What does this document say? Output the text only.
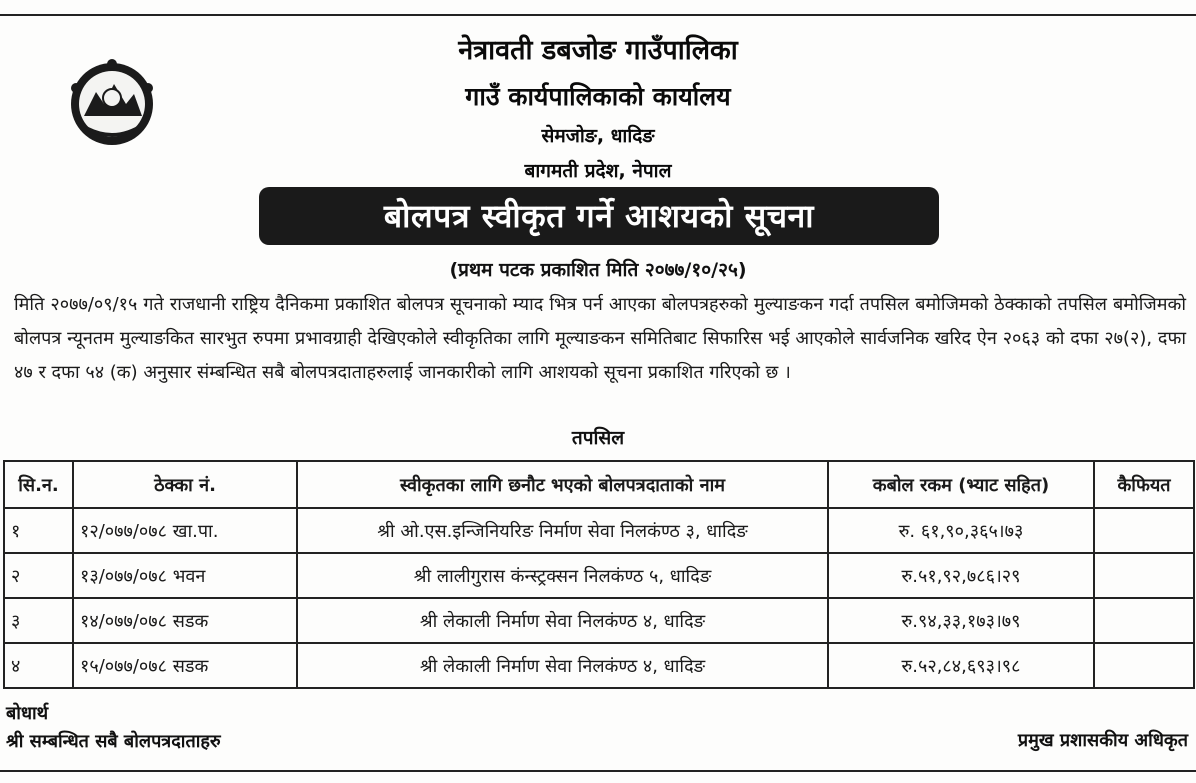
नेत्रावती डबजोङ गाउँपालिका
गाउँ कार्यपालिकाको कार्यालय
सेमजोङ, धादिङ
बागमती प्रदेश, नेपाल
बोलपत्र स्वीकृत गर्ने आशयको सूचना
(प्रथम पटक प्रकाशित मिति २०७७/१०/२५)
मिति २०७७/०९/१५ गते राजधानी राष्ट्रिय दैनिकमा प्रकाशित बोलपत्र सूचनाको म्याद भित्र पर्न आएका बोलपत्रहरुको मुल्याङकन गर्दा तपसिल बमोजिमको ठेक्काको तपसिल बमोजिमको बोलपत्र न्यूनतम मुल्याङकित सारभुत रुपमा प्रभावग्राही देखिएकोले स्वीकृतिका लागि मूल्याङकन समितिबाट सिफारिस भई आएकोले सार्वजनिक खरिद ऐन २०६३ को दफा २७(२), दफा ४७ र दफा ५४ (क) अनुसार संम्बन्धित सबै बोलपत्रदाताहरुलाई जानकारीको लागि आशयको सूचना प्रकाशित गरिएको छ ।
तपसिल
सि.न.	ठेक्का नं.	स्वीकृतका लागि छनौट भएको बोलपत्रदाताको नाम	कबोल रकम (भ्याट सहित)	कैफियत
१	१२/०७७/०७८ खा.पा.	श्री ओ.एस.इन्जिनियरिङ निर्माण सेवा निलकंण्ठ ३, धादिङ	रु. ६१,९०,३६५।७३	
२	१३/०७७/०७८ भवन	श्री लालीगुरास कंन्स्ट्रक्सन निलकंण्ठ ५, धादिङ	रु.५१,९२,७८६।२९	
३	१४/०७७/०७८ सडक	श्री लेकाली निर्माण सेवा निलकंण्ठ ४, धादिङ	रु.९४,३३,१७३।७९	
४	१५/०७७/०७८ सडक	श्री लेकाली निर्माण सेवा निलकंण्ठ ४, धादिङ	रु.५२,८४,६९३।९८	
बोधार्थ
श्री सम्बन्धित सबै बोलपत्रदाताहरु	प्रमुख प्रशासकीय अधिकृत
